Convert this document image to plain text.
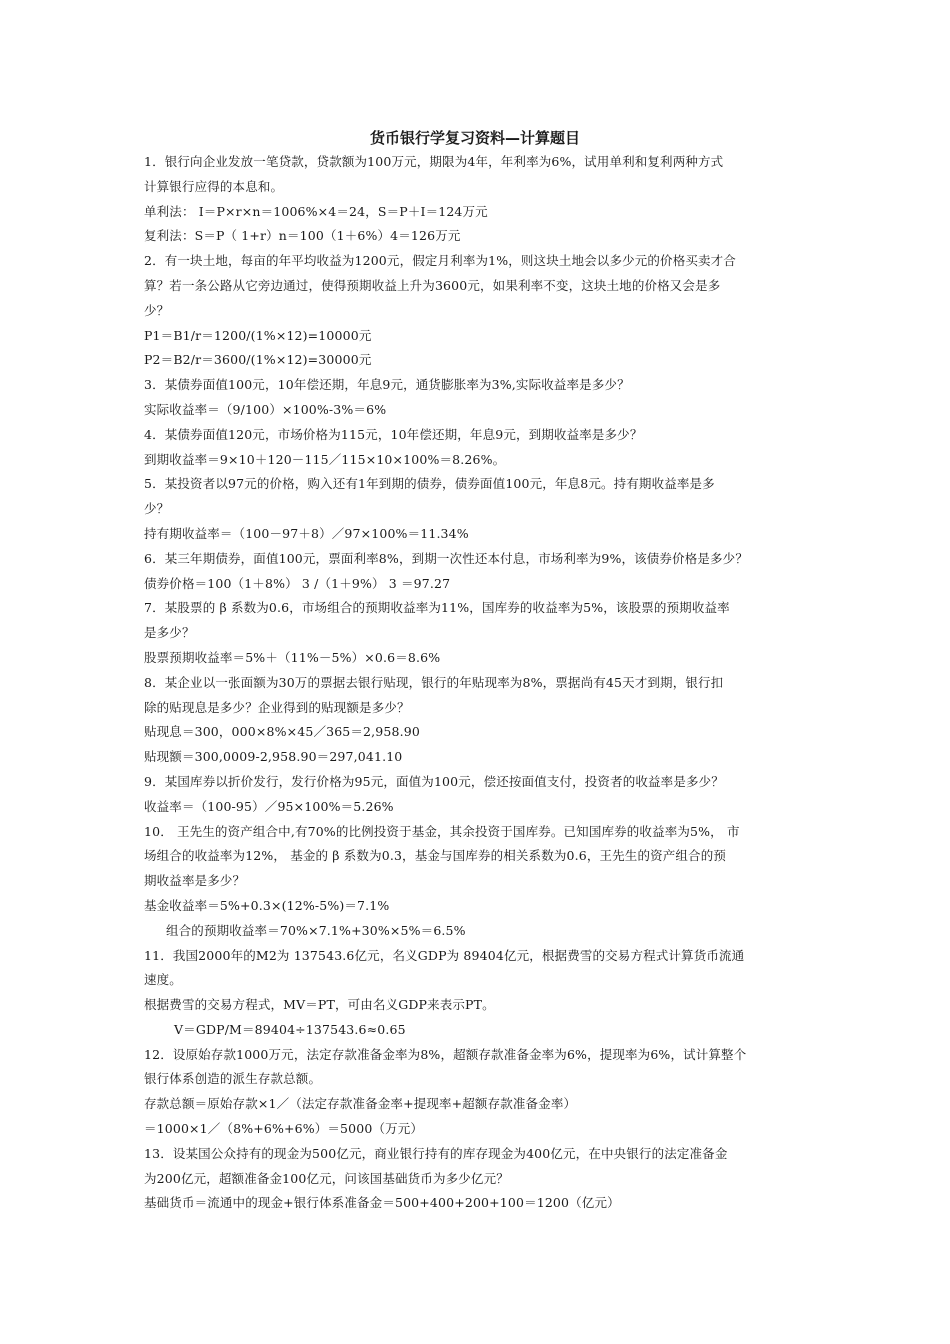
货币银行学复习资料—计算题目
1．银行向企业发放一笔贷款，贷款额为100万元，期限为4年，年利率为6%，试用单利和复利两种方式
计算银行应得的本息和。
单利法： I＝P×r×n＝1006%×4＝24，S＝P＋I＝124万元
复利法：S＝P（ 1+r）n＝100（1＋6%）4＝126万元
2．有一块土地，每亩的年平均收益为1200元，假定月利率为1%，则这块土地会以多少元的价格买卖才合
算？若一条公路从它旁边通过，使得预期收益上升为3600元，如果利率不变，这块土地的价格又会是多
少？
P1＝B1/r＝1200/(1%×12)=10000元
P2＝B2/r＝3600/(1%×12)=30000元
3．某债券面值100元，10年偿还期，年息9元，通货膨胀率为3%,实际收益率是多少？
实际收益率＝（9/100）×100%-3%＝6%
4．某债券面值120元，市场价格为115元，10年偿还期，年息9元，到期收益率是多少？
到期收益率＝9×10＋120－115／115×10×100%＝8.26%。
5．某投资者以97元的价格，购入还有1年到期的债券，债券面值100元，年息8元。持有期收益率是多
少？
持有期收益率＝（100－97＋8）／97×100%＝11.34%
6．某三年期债券，面值100元，票面利率8%，到期一次性还本付息，市场利率为9%，该债券价格是多少？
债券价格＝100（1＋8%） 3 /（1＋9%） 3 ＝97.27
7．某股票的 β 系数为0.6，市场组合的预期收益率为11%，国库券的收益率为5%，该股票的预期收益率
是多少？
股票预期收益率＝5%＋（11%－5%）×0.6＝8.6%
8．某企业以一张面额为30万的票据去银行贴现，银行的年贴现率为8%，票据尚有45天才到期，银行扣
除的贴现息是多少？企业得到的贴现额是多少？
贴现息＝300，000×8%×45／365＝2,958.90
贴现额＝300,0009-2,958.90＝297,041.10
9．某国库券以折价发行，发行价格为95元，面值为100元，偿还按面值支付，投资者的收益率是多少？
收益率＝（100-95）／95×100%＝5.26%
10． 王先生的资产组合中,有70%的比例投资于基金，其余投资于国库券。已知国库券的收益率为5%， 市
场组合的收益率为12%， 基金的 β 系数为0.3，基金与国库券的相关系数为0.6，王先生的资产组合的预
期收益率是多少？
基金收益率＝5%+0.3×(12%-5%)＝7.1%
组合的预期收益率＝70%×7.1%+30%×5%＝6.5%
11．我国2000年的M2为 137543.6亿元，名义GDP为 89404亿元，根据费雪的交易方程式计算货币流通
速度。
根据费雪的交易方程式，MV＝PT，可由名义GDP来表示PT。
V＝GDP/M＝89404÷137543.6≈0.65
12．设原始存款1000万元，法定存款准备金率为8%，超额存款准备金率为6%，提现率为6%，试计算整个
银行体系创造的派生存款总额。
存款总额＝原始存款×1／（法定存款准备金率+提现率+超额存款准备金率）
＝1000×1／（8%+6%+6%）＝5000（万元）
13．设某国公众持有的现金为500亿元，商业银行持有的库存现金为400亿元，在中央银行的法定准备金
为200亿元，超额准备金100亿元，问该国基础货币为多少亿元？
基础货币＝流通中的现金+银行体系准备金＝500+400+200+100＝1200（亿元）
